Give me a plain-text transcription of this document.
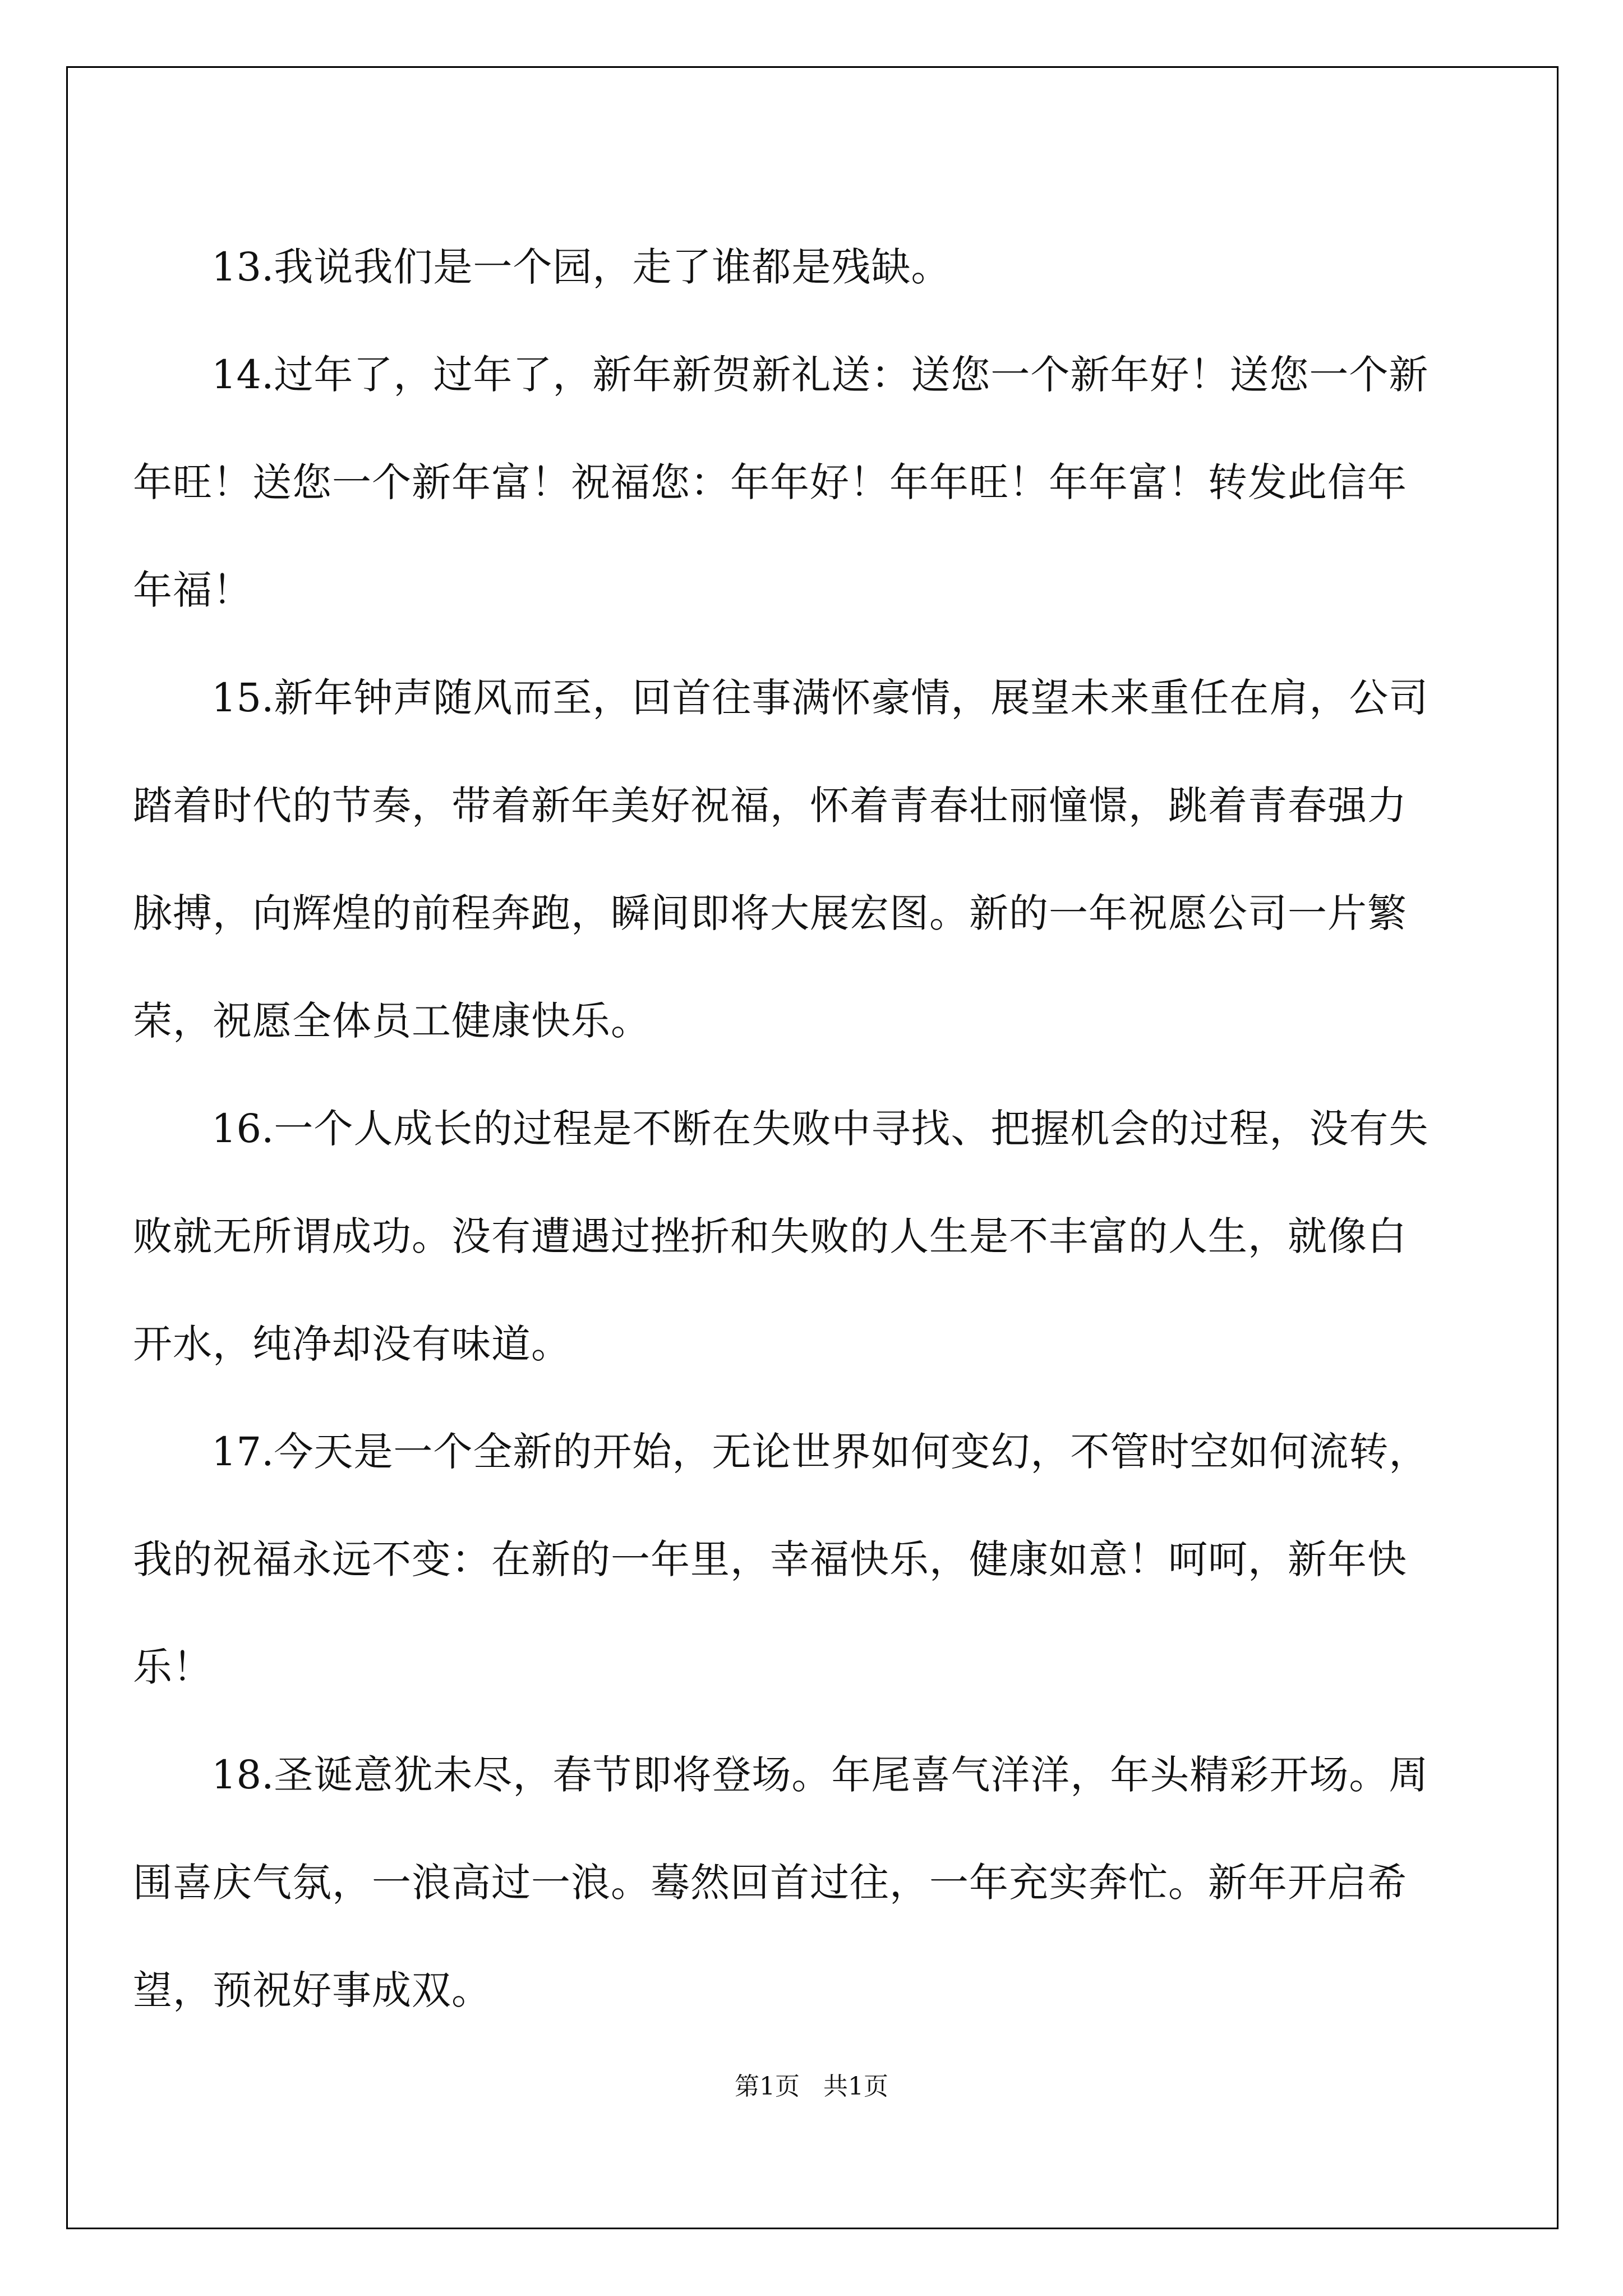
13.我说我们是一个园，走了谁都是残缺。

14.过年了，过年了，新年新贺新礼送：送您一个新年好！送您一个新年旺！送您一个新年富！祝福您：年年好！年年旺！年年富！转发此信年年福！

15.新年钟声随风而至，回首往事满怀豪情，展望未来重任在肩，公司踏着时代的节奏，带着新年美好祝福，怀着青春壮丽憧憬，跳着青春强力脉搏，向辉煌的前程奔跑，瞬间即将大展宏图。新的一年祝愿公司一片繁荣，祝愿全体员工健康快乐。

16.一个人成长的过程是不断在失败中寻找、把握机会的过程，没有失败就无所谓成功。没有遭遇过挫折和失败的人生是不丰富的人生，就像白开水，纯净却没有味道。

17.今天是一个全新的开始，无论世界如何变幻，不管时空如何流转，我的祝福永远不变：在新的一年里，幸福快乐，健康如意！呵呵，新年快乐！

18.圣诞意犹未尽，春节即将登场。年尾喜气洋洋，年头精彩开场。周围喜庆气氛，一浪高过一浪。蓦然回首过往，一年充实奔忙。新年开启希望，预祝好事成双。

第1页   共1页
